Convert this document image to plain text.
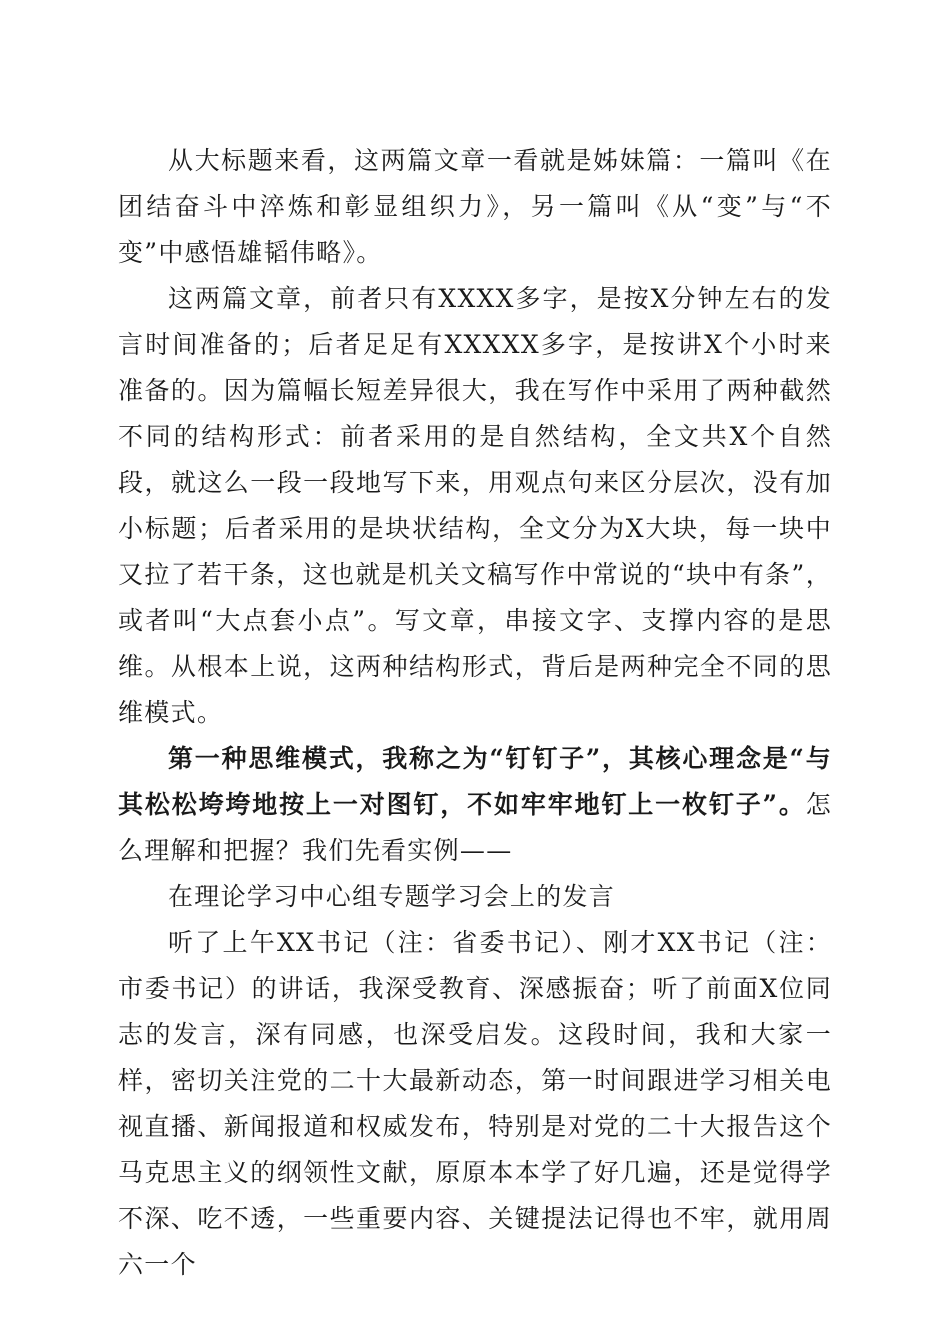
从大标题来看，这两篇文章一看就是姊妹篇：一篇叫《在团结奋斗中淬炼和彰显组织力》，另一篇叫《从“变”与“不变”中感悟雄韬伟略》。

这两篇文章，前者只有XXXX多字，是按X分钟左右的发言时间准备的；后者足足有XXXXX多字，是按讲X个小时来准备的。因为篇幅长短差异很大，我在写作中采用了两种截然不同的结构形式：前者采用的是自然结构，全文共X个自然段，就这么一段一段地写下来，用观点句来区分层次，没有加小标题；后者采用的是块状结构，全文分为X大块，每一块中又拉了若干条，这也就是机关文稿写作中常说的“块中有条”，或者叫“大点套小点”。写文章，串接文字、支撑内容的是思维。从根本上说，这两种结构形式，背后是两种完全不同的思维模式。

第一种思维模式，我称之为“钉钉子”，其核心理念是“与其松松垮垮地按上一对图钉，不如牢牢地钉上一枚钉子”。怎么理解和把握？我们先看实例——

在理论学习中心组专题学习会上的发言

听了上午XX书记（注：省委书记）、刚才XX书记（注：市委书记）的讲话，我深受教育、深感振奋；听了前面X位同志的发言，深有同感，也深受启发。这段时间，我和大家一样，密切关注党的二十大最新动态，第一时间跟进学习相关电视直播、新闻报道和权威发布，特别是对党的二十大报告这个马克思主义的纲领性文献，原原本本学了好几遍，还是觉得学不深、吃不透，一些重要内容、关键提法记得也不牢，就用周六一个
